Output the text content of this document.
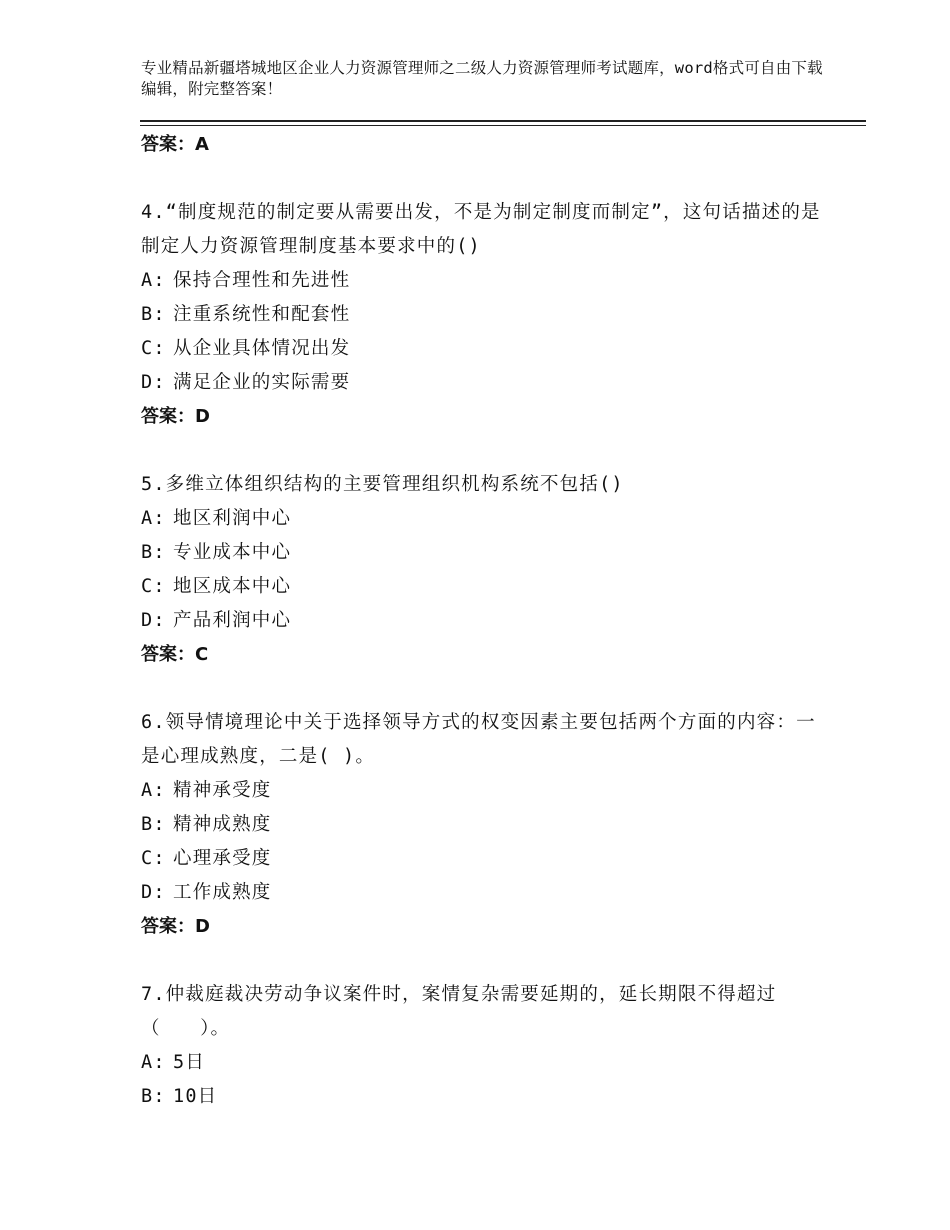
专业精品新疆塔城地区企业人力资源管理师之二级人力资源管理师考试题库，word格式可自由下载编辑，附完整答案！
答案：A
4.“制度规范的制定要从需要出发，不是为制定制度而制定”，这句话描述的是制定人力资源管理制度基本要求中的()
A: 保持合理性和先进性
B: 注重系统性和配套性
C: 从企业具体情况出发
D: 满足企业的实际需要
答案：D
5.多维立体组织结构的主要管理组织机构系统不包括()
A: 地区利润中心
B: 专业成本中心
C: 地区成本中心
D: 产品利润中心
答案：C
6.领导情境理论中关于选择领导方式的权变因素主要包括两个方面的内容：一是心理成熟度，二是( )。
A: 精神承受度
B: 精神成熟度
C: 心理承受度
D: 工作成熟度
答案：D
7.仲裁庭裁决劳动争议案件时，案情复杂需要延期的，延长期限不得超过（　　）。
A: 5日
B: 10日
